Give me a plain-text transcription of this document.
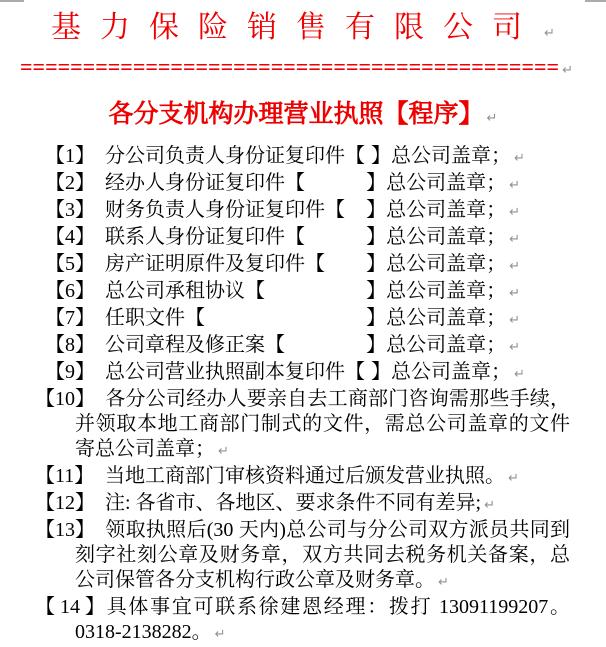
基力保险销售有限公司 ↵
=========================================== ↵
各分支机构办理营业执照【程序】 ↵
【1】 分公司负责人身份证复印件 【 】总公司盖章； ↵
【2】 经办人身份证复印件 【	】总公司盖章； ↵
【3】 财务负责人身份证复印件 【 】总公司盖章； ↵
【4】 联系人身份证复印件 【	】总公司盖章； ↵
【5】 房产证明原件及复印件 【 】总公司盖章； ↵
【6】 总公司承租协议 【	】总公司盖章； ↵
【7】 任职文件 【	】总公司盖章； ↵
【8】 公司章程及修正案 【	】总公司盖章； ↵
【9】 总公司营业执照副本复印件 【 】总公司盖章； ↵
【10】 各分公司经办人要亲自去工商部门咨询需那些手续，并领取本地工商部门制式的文件，需总公司盖章的文件寄总公司盖章； ↵
【11】 当地工商部门审核资料通过后颁发营业执照。 ↵
【12】 注: 各省市、各地区、要求条件不同有差异; ↵
【13】 领取执照后(30 天内)总公司与分公司双方派员共同到刻字社刻公章及财务章，双方共同去税务机关备案，总公司保管各分支机构行政公章及财务章。 ↵
【14】具体事宜可联系徐建恩经理：拨打 13091199207。
0318-2138282。 ↵
